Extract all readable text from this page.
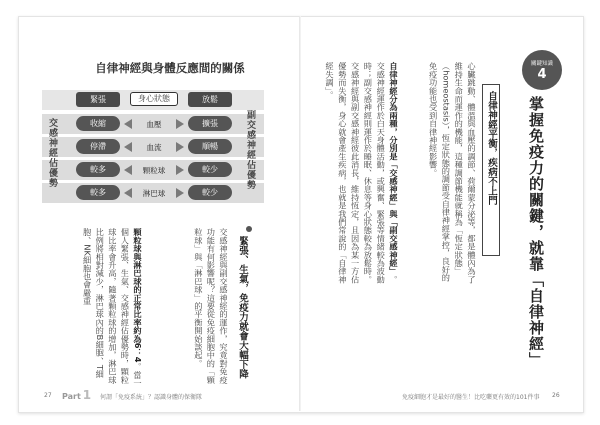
自律神經與身體反應間的關係
緊張	身心狀態	放鬆
收縮	血壓	擴張
停滯	血流	順暢
較多	顆粒球	較少
較多	淋巴球	較少
交感神經佔優勢	副交感神經佔優勢
緊張、生氣，免疫力就會大幅下降
交感神經與副交感神經的運作，究竟對免疫功能有何影響呢？這要從免疫細胞中的「顆粒球」與「淋巴球」的平衡開始談起。
顆粒球與淋巴球的正常比率約為6：4。當一個人緊張、生氣、交感神經佔優勢時，顆粒球比率會升高，隨著顆粒球的增加，淋巴球比例將相對減少，淋巴球內的B細胞、T細胞、NK細胞也會嚴重
27 Part 1 何謂「免疫系統」？認識身體的保衛隊
關鍵知識
4
掌握免疫力的關鍵，就靠「自律神經」
自律神經平衡，疾病不上門
心臟跳動、體溫與血壓的調節、荷爾蒙分泌等，都是體內為了維持生命而運作的機能，這種調節機能就稱為「恆定狀態」（homeostasis），恆定狀態的調節受自律神經掌控，良好的免疫功能也受到自律神經影響。
自律神經分為兩種，分別是「交感神經」與「副交感神經」。交感神經運作於白天身體活動，或興奮、緊張等情緒較為波動時；副交感神經則運作於睡眠、休息等身心狀態較為放鬆時。交感神經與副交感神經彼此消長，維持恆定，且因為某一方佔優勢而失衡，身心就會產生疾病，也就是我們常說的「自律神經失調」。
免疫細胞才是最好的醫生！比吃藥更有效的101件事 26
